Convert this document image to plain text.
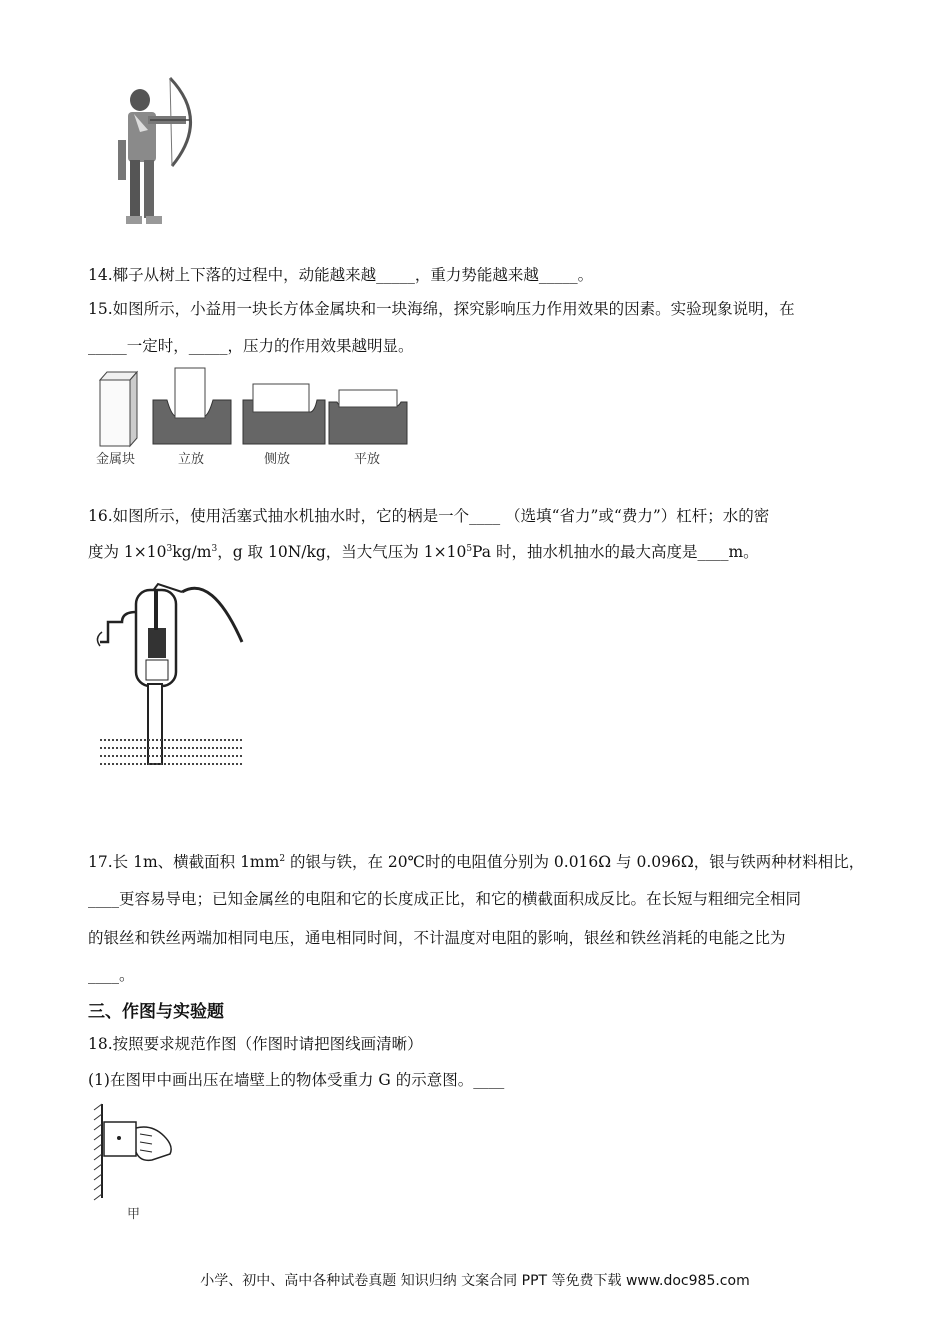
14.椰子从树上下落的过程中，动能越来越_____，重力势能越来越_____。
15.如图所示，小益用一块长方体金属块和一块海绵，探究影响压力作用效果的因素。实验现象说明，在
_____一定时，_____，压力的作用效果越明显。
金属块	立放	侧放	平放
16.如图所示，使用活塞式抽水机抽水时，它的柄是一个____ （选填“省力”或“费力”）杠杆；水的密
度为 $1\times 10^3kg/m^3$，g 取 10N/kg，当大气压为 $1\times 10^5Pa$ 时，抽水机抽水的最大高度是____m。
17.长 1m、横截面积 $1mm^2$ 的银与铁，在 20℃时的电阻值分别为 0.016Ω 与 0.096Ω，银与铁两种材料相比，
____更容易导电；已知金属丝的电阻和它的长度成正比，和它的横截面积成反比。在长短与粗细完全相同
的银丝和铁丝两端加相同电压，通电相同时间，不计温度对电阻的影响，银丝和铁丝消耗的电能之比为
____。
三、作图与实验题
18.按照要求规范作图（作图时请把图线画清晰）
(1)在图甲中画出压在墙壁上的物体受重力 G 的示意图。____
甲
小学、初中、高中各种试卷真题 知识归纳 文案合同 PPT 等免费下载 www.doc985.com
